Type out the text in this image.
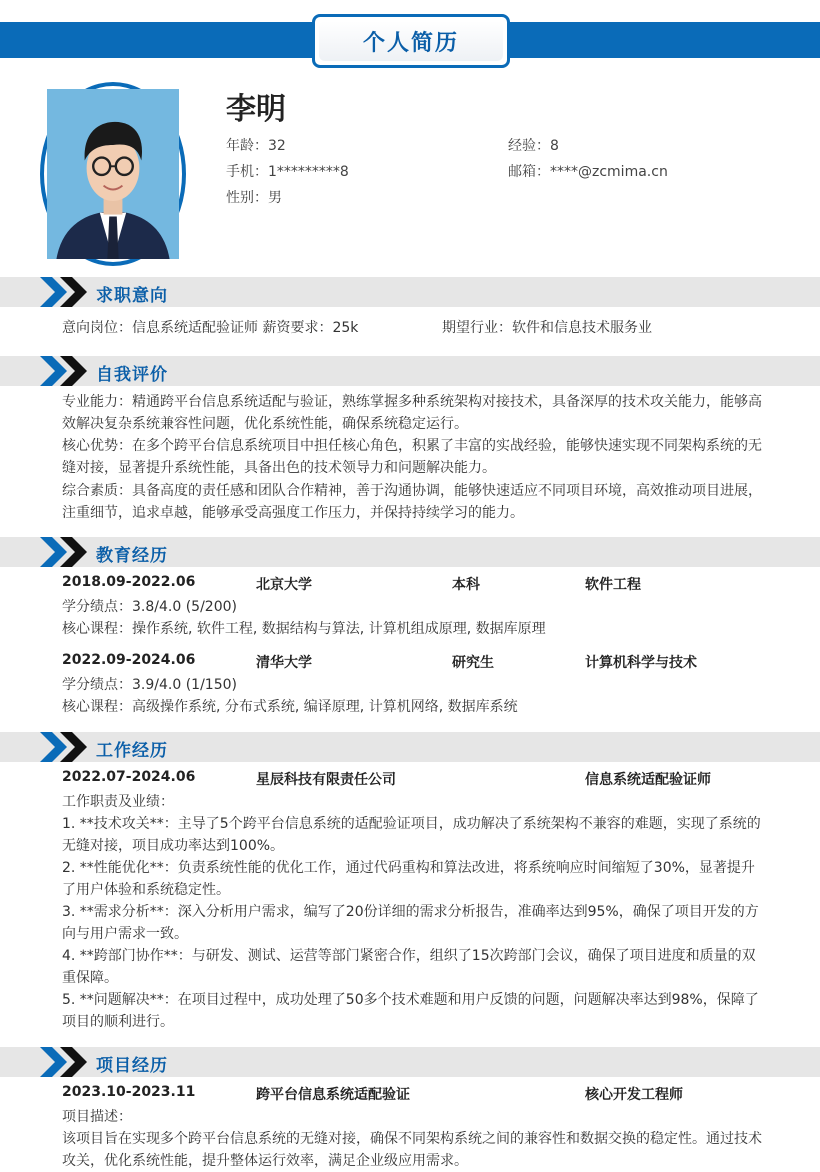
个人简历
李明
年龄：32	经验：8
手机：1*********8	邮箱：****@zcmima.cn
性别：男
求职意向
意向岗位：信息系统适配验证师 薪资要求：25k	期望行业：软件和信息技术服务业
自我评价
专业能力：精通跨平台信息系统适配与验证，熟练掌握多种系统架构对接技术，具备深厚的技术攻关能力，能够高效解决复杂系统兼容性问题，优化系统性能，确保系统稳定运行。
核心优势：在多个跨平台信息系统项目中担任核心角色，积累了丰富的实战经验，能够快速实现不同架构系统的无缝对接，显著提升系统性能，具备出色的技术领导力和问题解决能力。
综合素质：具备高度的责任感和团队合作精神，善于沟通协调，能够快速适应不同项目环境，高效推动项目进展，注重细节，追求卓越，能够承受高强度工作压力，并保持持续学习的能力。
教育经历
2018.09-2022.06	北京大学	本科	软件工程
学分绩点：3.8/4.0 (5/200)
核心课程：操作系统, 软件工程, 数据结构与算法, 计算机组成原理, 数据库原理
2022.09-2024.06	清华大学	研究生	计算机科学与技术
学分绩点：3.9/4.0 (1/150)
核心课程：高级操作系统, 分布式系统, 编译原理, 计算机网络, 数据库系统
工作经历
2022.07-2024.06	星辰科技有限责任公司	信息系统适配验证师
工作职责及业绩：
1. **技术攻关**：主导了5个跨平台信息系统的适配验证项目，成功解决了系统架构不兼容的难题，实现了系统的无缝对接，项目成功率达到100%。
2. **性能优化**：负责系统性能的优化工作，通过代码重构和算法改进，将系统响应时间缩短了30%，显著提升了用户体验和系统稳定性。
3. **需求分析**：深入分析用户需求，编写了20份详细的需求分析报告，准确率达到95%，确保了项目开发的方向与用户需求一致。
4. **跨部门协作**：与研发、测试、运营等部门紧密合作，组织了15次跨部门会议，确保了项目进度和质量的双重保障。
5. **问题解决**：在项目过程中，成功处理了50多个技术难题和用户反馈的问题，问题解决率达到98%，保障了项目的顺利进行。
项目经历
2023.10-2023.11	跨平台信息系统适配验证	核心开发工程师
项目描述：
该项目旨在实现多个跨平台信息系统的无缝对接，确保不同架构系统之间的兼容性和数据交换的稳定性。通过技术攻关，优化系统性能，提升整体运行效率，满足企业级应用需求。
